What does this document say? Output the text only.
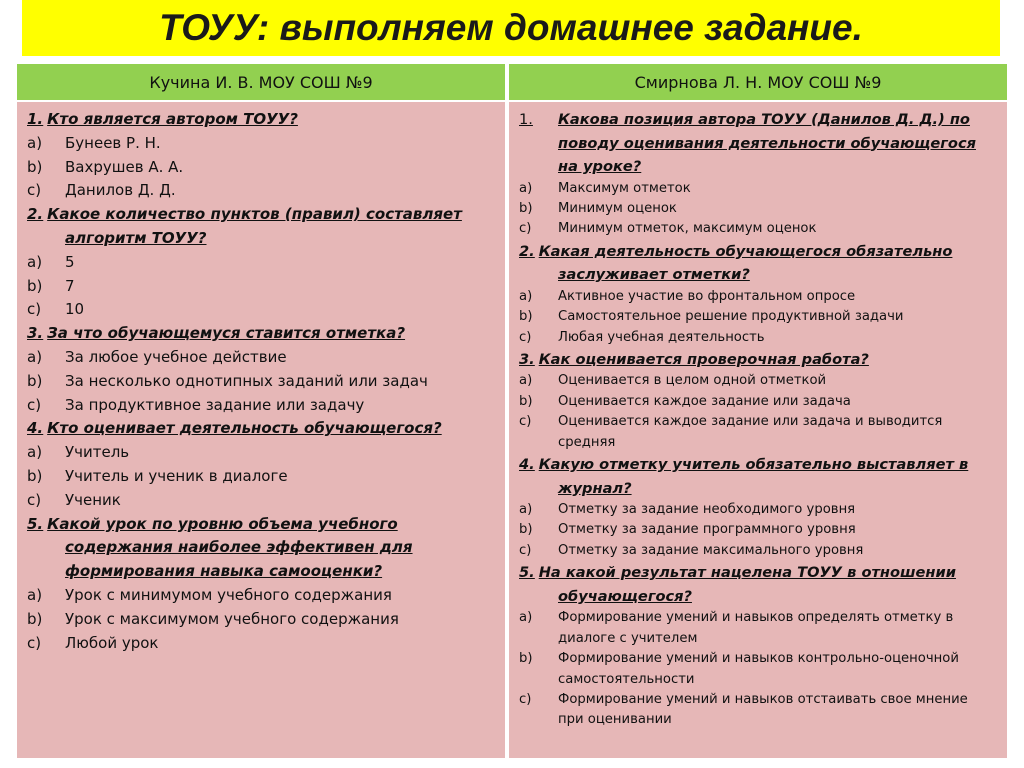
ТОУУ: выполняем домашнее задание.
Кучина И. В. МОУ СОШ №9	Смирнова Л. Н. МОУ СОШ №9
1. Кто является автором ТОУУ?
a)	Бунеев Р. Н.
b)	Вахрушев А. А.
c)	Данилов Д. Д.
2. Какое количество пунктов (правил) составляет алгоритм ТОУУ?
a)	5
b)	7
c)	10
3. За что обучающемуся ставится отметка?
a)	За любое учебное действие
b)	За несколько однотипных заданий или задач
c)	За продуктивное задание или задачу
4. Кто оценивает деятельность обучающегося?
a)	Учитель
b)	Учитель и ученик в диалоге
c)	Ученик
5. Какой урок по уровню объема учебного содержания наиболее эффективен для формирования навыка самооценки?
a)	Урок с минимумом учебного содержания
b)	Урок с максимумом учебного содержания
c)	Любой урок
1.	Какова позиция автора ТОУУ (Данилов Д. Д.) по поводу оценивания деятельности обучающегося на уроке?
a)	Максимум отметок
b)	Минимум оценок
c)	Минимум отметок, максимум оценок
2. Какая деятельность обучающегося обязательно заслуживает отметки?
a)	Активное участие во фронтальном опросе
b)	Самостоятельное решение продуктивной задачи
c)	Любая учебная деятельность
3. Как оценивается проверочная работа?
a)	Оценивается в целом одной отметкой
b)	Оценивается каждое задание или задача
c)	Оценивается каждое задание или задача и выводится средняя
4. Какую отметку учитель обязательно выставляет в журнал?
a)	Отметку за задание необходимого уровня
b)	Отметку за задание программного уровня
c)	Отметку за задание максимального уровня
5. На какой результат нацелена ТОУУ в отношении обучающегося?
a)	Формирование умений и навыков определять отметку в диалоге с учителем
b)	Формирование умений и навыков контрольно-оценочной самостоятельности
c)	Формирование умений и навыков отстаивать свое мнение при оценивании
